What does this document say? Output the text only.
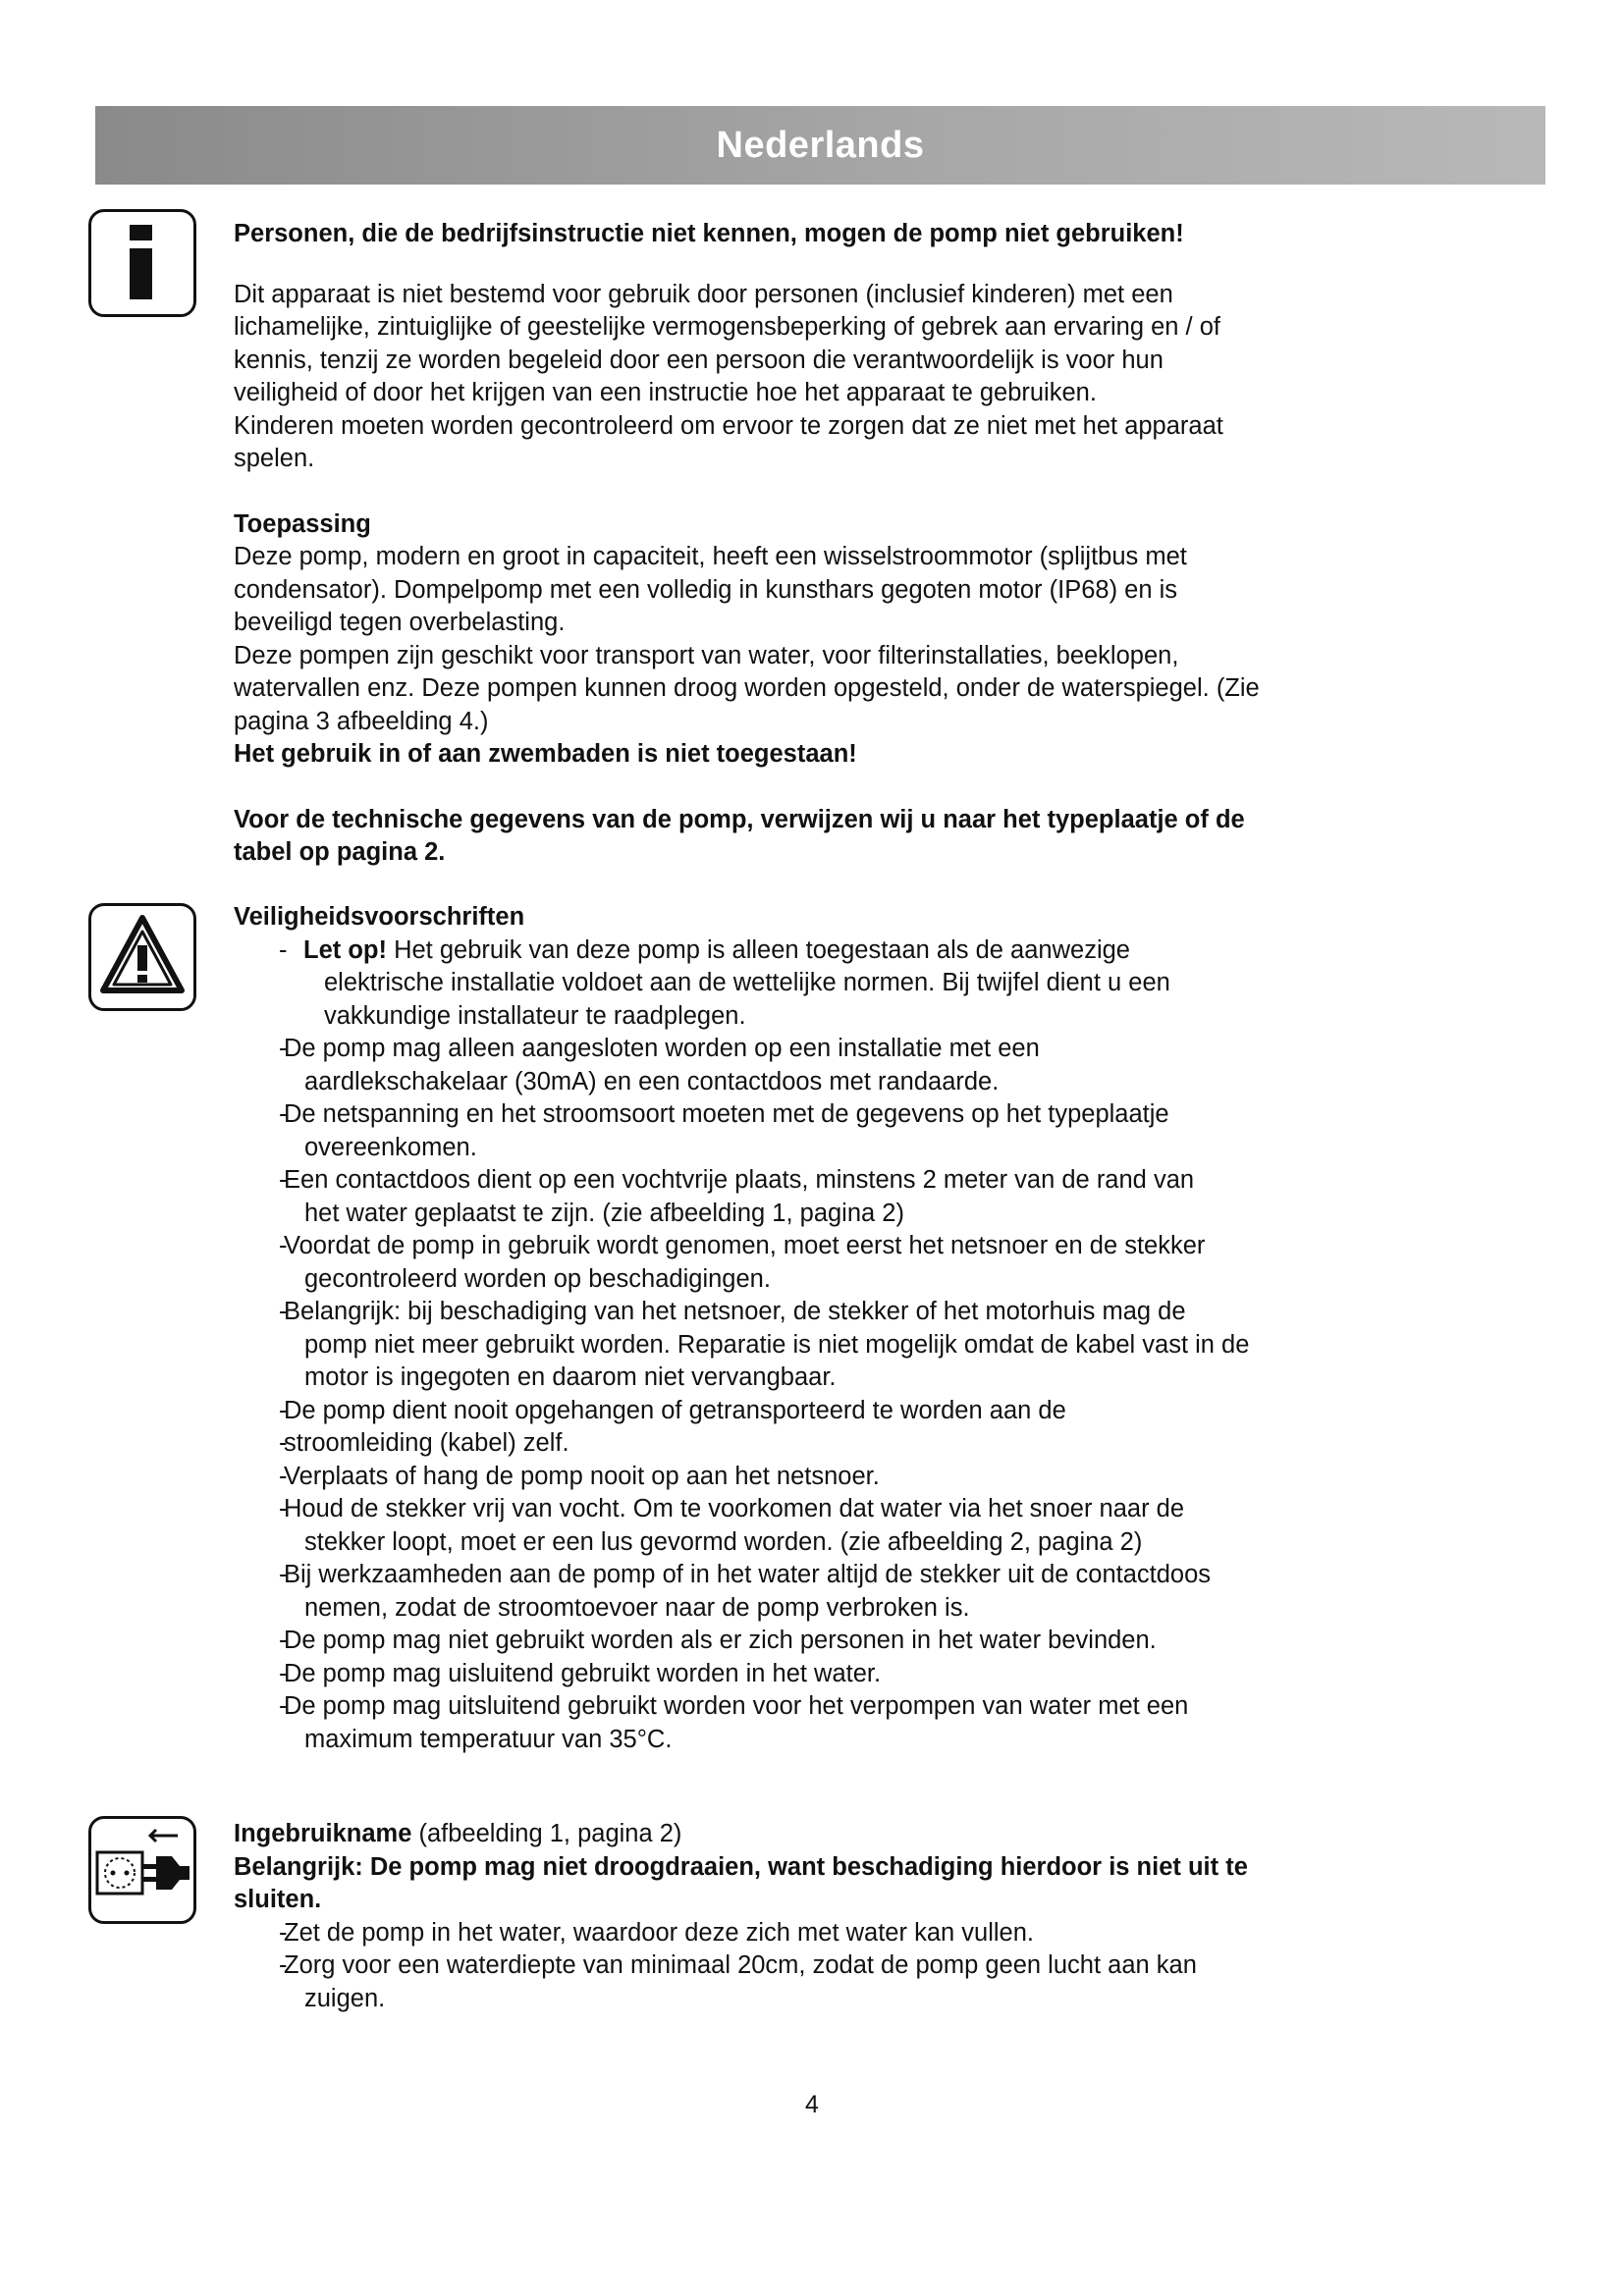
Nederlands

Personen, die de bedrijfsinstructie niet kennen, mogen de pomp niet gebruiken!

Dit apparaat is niet bestemd voor gebruik door personen (inclusief kinderen) met een

lichamelijke, zintuiglijke of geestelijke vermogensbeperking of gebrek aan ervaring en / of

kennis, tenzij ze worden begeleid door een persoon die verantwoordelijk is voor hun

veiligheid of door het krijgen van een instructie hoe het apparaat te gebruiken.

Kinderen moeten worden gecontroleerd om ervoor te zorgen dat ze niet met het apparaat

spelen.

Toepassing

Deze pomp, modern en groot in capaciteit, heeft een wisselstroommotor (splijtbus met

condensator). Dompelpomp met een volledig in kunsthars gegoten motor (IP68) en is

beveiligd tegen overbelasting.

Deze pompen zijn geschikt voor transport van water, voor filterinstallaties, beeklopen,

watervallen enz. Deze pompen kunnen droog worden opgesteld, onder de waterspiegel. (Zie

pagina 3 afbeelding 4.)

Het gebruik in of aan zwembaden is niet toegestaan!

Voor de technische gegevens van de pomp, verwijzen wij u naar het typeplaatje of de

tabel op pagina 2.

Veiligheidsvoorschriften

- Let op! Het gebruik van deze pomp is alleen toegestaan als de aanwezige
elektrische installatie voldoet aan de wettelijke normen. Bij twijfel dient u een
vakkundige installateur te raadplegen.
- De pomp mag alleen aangesloten worden op een installatie met een
aardlekschakelaar (30mA) en een contactdoos met randaarde.
- De netspanning en het stroomsoort moeten met de gegevens op het typeplaatje
overeenkomen.
- Een contactdoos dient op een vochtvrije plaats, minstens 2 meter van de rand van
het water geplaatst te zijn. (zie afbeelding 1, pagina 2)
- Voordat de pomp in gebruik wordt genomen, moet eerst het netsnoer en de stekker
gecontroleerd worden op beschadigingen.
- Belangrijk: bij beschadiging van het netsnoer, de stekker of het motorhuis mag de
pomp niet meer gebruikt worden. Reparatie is niet mogelijk omdat de kabel vast in de
motor is ingegoten en daarom niet vervangbaar.
- De pomp dient nooit opgehangen of getransporteerd te worden aan de
- stroomleiding (kabel) zelf.
- Verplaats of hang de pomp nooit op aan het netsnoer.
- Houd de stekker vrij van vocht. Om te voorkomen dat water via het snoer naar de
stekker loopt, moet er een lus gevormd worden. (zie afbeelding 2, pagina 2)
- Bij werkzaamheden aan de pomp of in het water altijd de stekker uit de contactdoos
nemen, zodat de stroomtoevoer naar de pomp verbroken is.
- De pomp mag niet gebruikt worden als er zich personen in het water bevinden.
- De pomp mag uisluitend gebruikt worden in het water.
- De pomp mag uitsluitend gebruikt worden voor het verpompen van water met een
maximum temperatuur van 35°C.

Ingebruikname (afbeelding 1, pagina 2)

Belangrijk: De pomp mag niet droogdraaien, want beschadiging hierdoor is niet uit te

sluiten.

- Zet de pomp in het water, waardoor deze zich met water kan vullen.
- Zorg voor een waterdiepte van minimaal 20cm, zodat de pomp geen lucht aan kan
zuigen.
4
